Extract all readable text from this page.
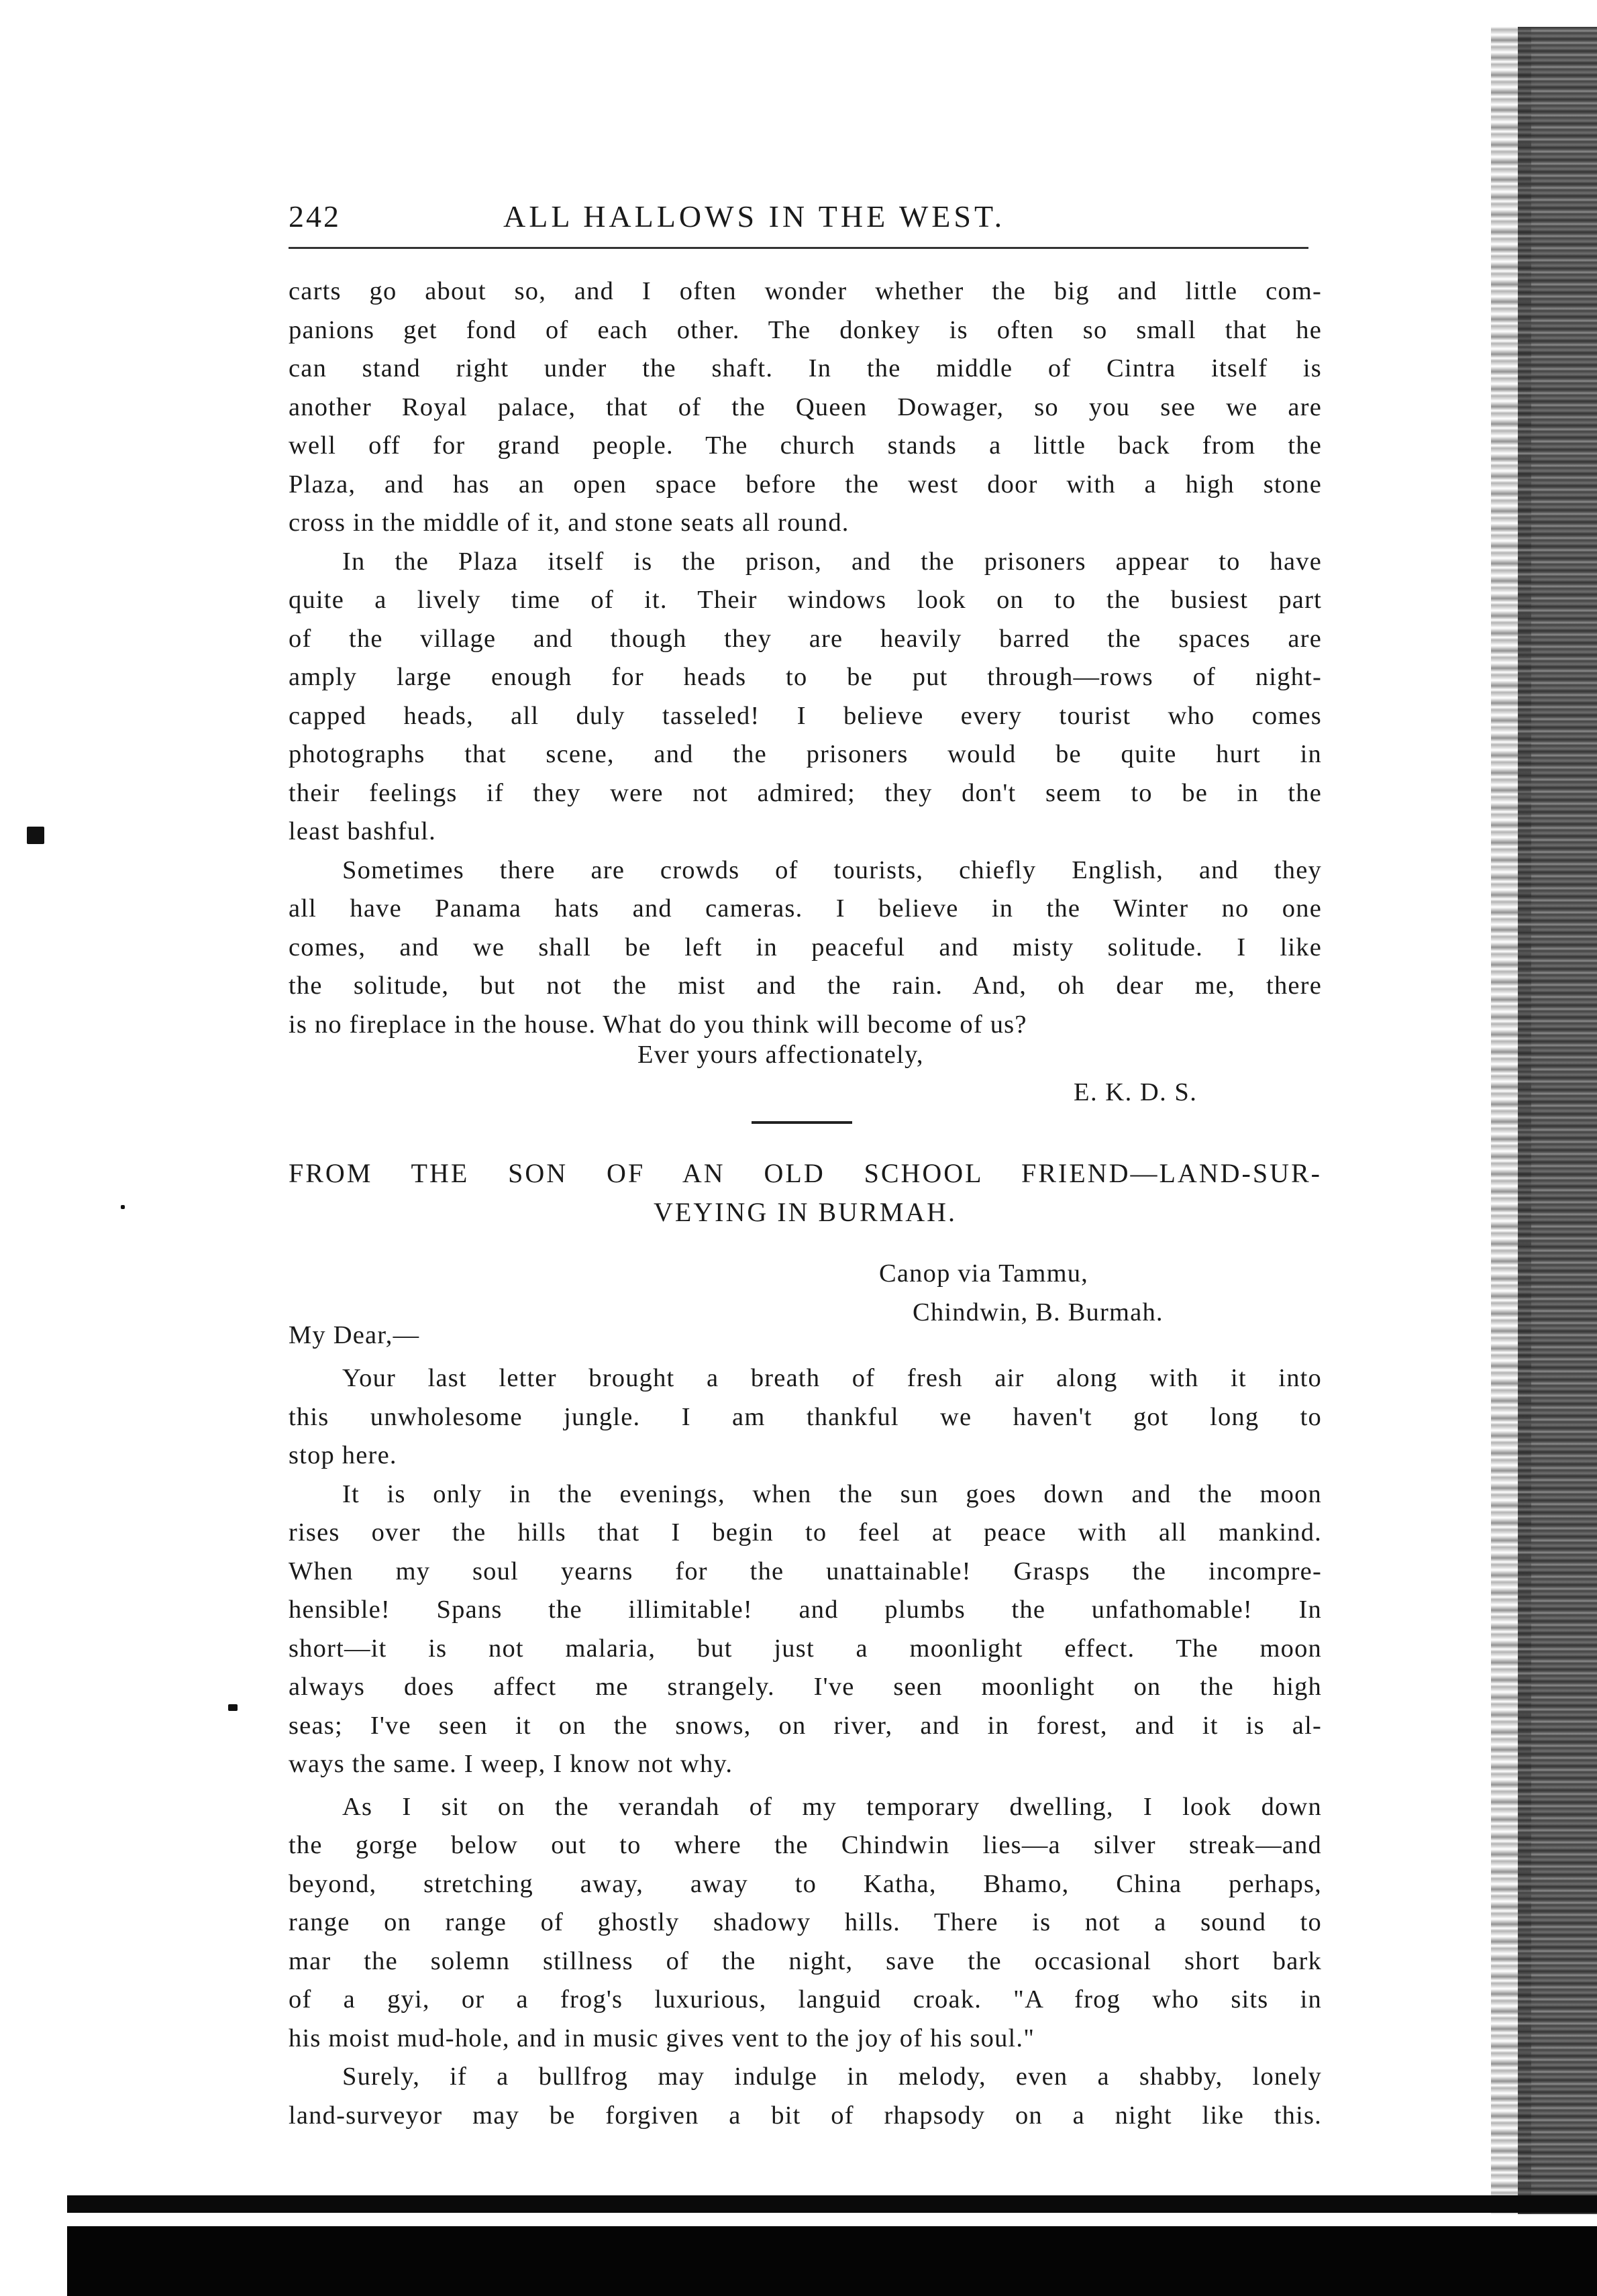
242	ALL HALLOWS IN THE WEST.

carts go about so, and I often wonder whether the big and little com-
panions get fond of each other. The donkey is often so small that he
can stand right under the shaft. In the middle of Cintra itself is
another Royal palace, that of the Queen Dowager, so you see we are
well off for grand people. The church stands a little back from the
Plaza, and has an open space before the west door with a high stone
cross in the middle of it, and stone seats all round.

In the Plaza itself is the prison, and the prisoners appear to have
quite a lively time of it. Their windows look on to the busiest part
of the village and though they are heavily barred the spaces are
amply large enough for heads to be put through—rows of night-
capped heads, all duly tasseled! I believe every tourist who comes
photographs that scene, and the prisoners would be quite hurt in
their feelings if they were not admired; they don't seem to be in the
least bashful.

Sometimes there are crowds of tourists, chiefly English, and they
all have Panama hats and cameras. I believe in the Winter no one
comes, and we shall be left in peaceful and misty solitude. I like
the solitude, but not the mist and the rain. And, oh dear me, there
is no fireplace in the house. What do you think will become of us?

Ever yours affectionately,
E. K. D. S.
FROM THE SON OF AN OLD SCHOOL FRIEND—LAND-SUR-
VEYING IN BURMAH.
Canop via Tammu,
Chindwin, B. Burmah.
My Dear,—

Your last letter brought a breath of fresh air along with it into
this unwholesome jungle. I am thankful we haven't got long to
stop here.

It is only in the evenings, when the sun goes down and the moon
rises over the hills that I begin to feel at peace with all mankind.
When my soul yearns for the unattainable! Grasps the incompre-
hensible! Spans the illimitable! and plumbs the unfathomable! In
short—it is not malaria, but just a moonlight effect. The moon
always does affect me strangely. I've seen moonlight on the high
seas; I've seen it on the snows, on river, and in forest, and it is al-
ways the same. I weep, I know not why.

As I sit on the verandah of my temporary dwelling, I look down
the gorge below out to where the Chindwin lies—a silver streak—and
beyond, stretching away, away to Katha, Bhamo, China perhaps,
range on range of ghostly shadowy hills. There is not a sound to
mar the solemn stillness of the night, save the occasional short bark
of a gyi, or a frog's luxurious, languid croak. "A frog who sits in
his moist mud-hole, and in music gives vent to the joy of his soul."

Surely, if a bullfrog may indulge in melody, even a shabby, lonely
land-surveyor may be forgiven a bit of rhapsody on a night like this.
